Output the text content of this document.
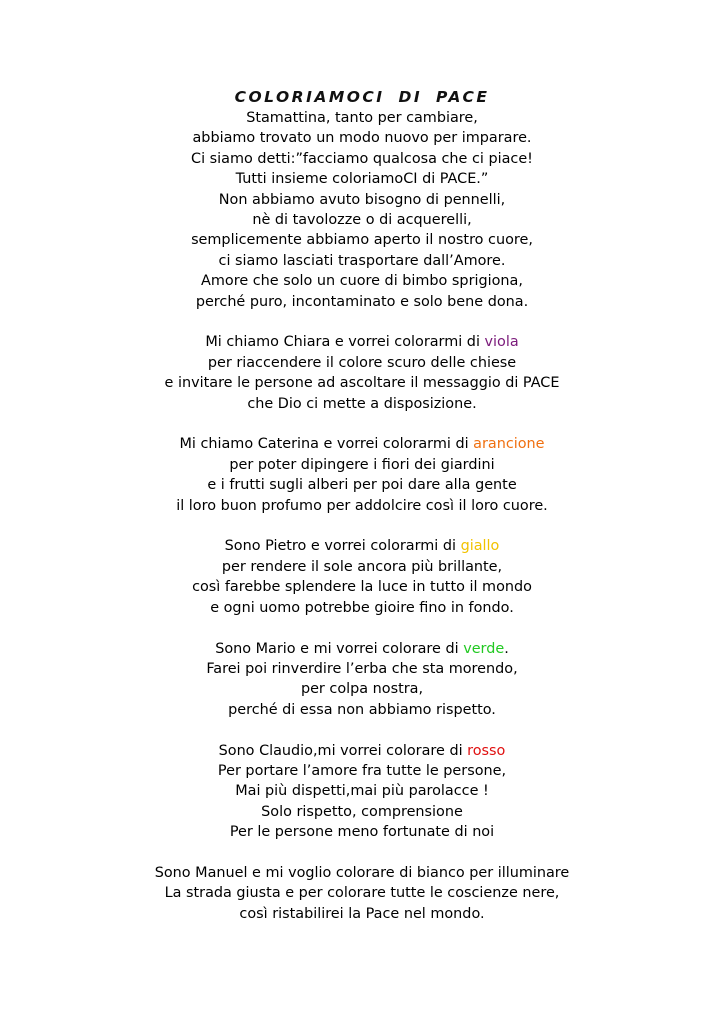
COLORIAMOCI DI PACE
Stamattina, tanto per cambiare,
abbiamo trovato un modo nuovo per imparare.
Ci siamo detti:”facciamo qualcosa che ci piace!
Tutti insieme coloriamoCI di PACE.”
Non abbiamo avuto bisogno di pennelli,
nè di tavolozze o di acquerelli,
semplicemente abbiamo aperto il nostro cuore,
ci siamo lasciati trasportare dall’Amore.
Amore che solo un cuore di bimbo sprigiona,
perché puro, incontaminato e solo bene dona.
Mi chiamo Chiara e vorrei colorarmi di viola
per riaccendere il colore scuro delle chiese
e invitare le persone ad ascoltare il messaggio di PACE
che Dio ci mette a disposizione.
Mi chiamo Caterina e vorrei colorarmi di arancione
per poter dipingere i fiori dei giardini
e i frutti sugli alberi per poi dare alla gente
il loro buon profumo per addolcire così il loro cuore.
Sono Pietro e vorrei colorarmi di giallo
per rendere il sole ancora più brillante,
così farebbe splendere la luce in tutto il mondo
e ogni uomo potrebbe gioire fino in fondo.
Sono Mario e mi vorrei colorare di verde.
Farei poi rinverdire l’erba che sta morendo,
per colpa nostra,
perché di essa non abbiamo rispetto.
Sono Claudio,mi vorrei colorare di rosso
Per portare l’amore fra tutte le persone,
Mai più dispetti,mai più parolacce !
Solo rispetto, comprensione
Per le persone meno fortunate di noi
Sono Manuel e mi voglio colorare di bianco per illuminare
La strada giusta e per colorare tutte le coscienze nere,
così ristabilirei la Pace nel mondo.
